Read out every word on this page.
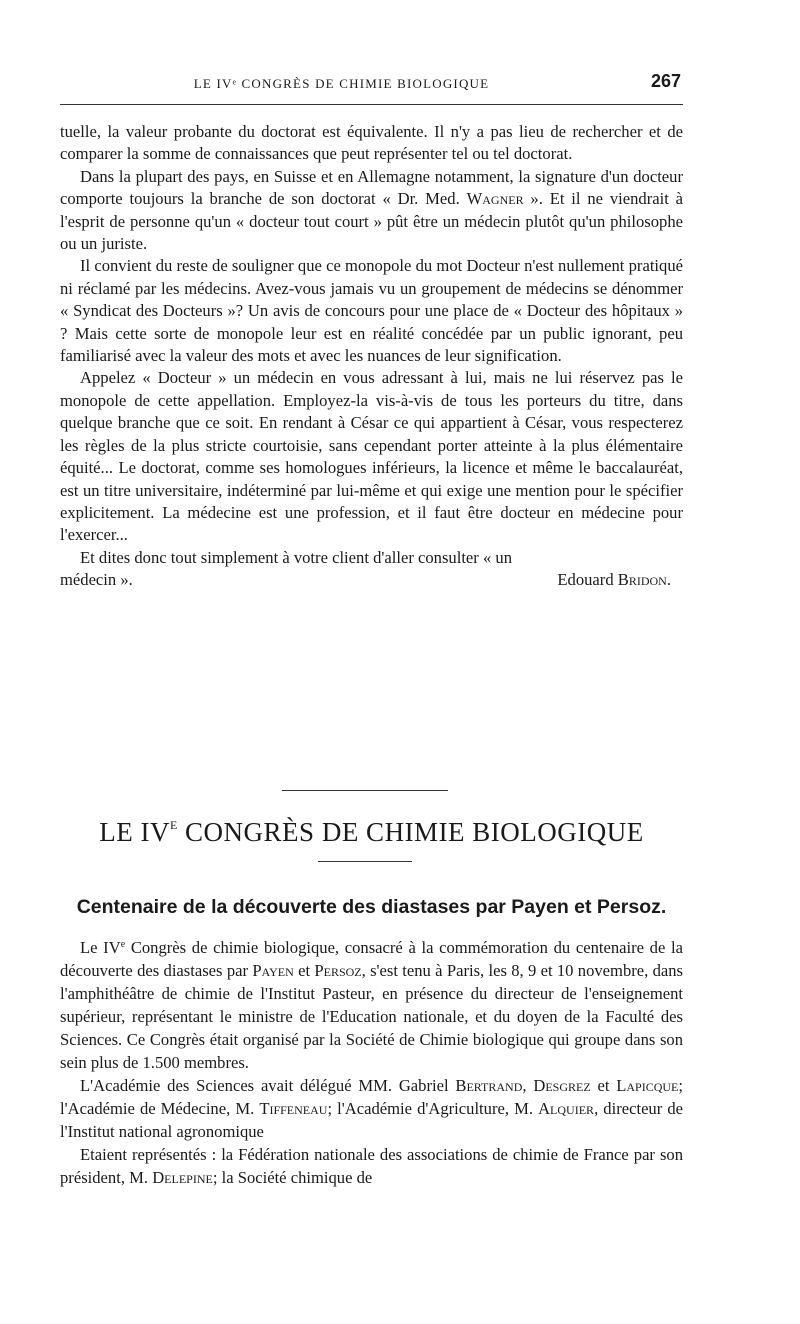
LE IVᵉ CONGRÈS DE CHIMIE BIOLOGIQUE	267

tuelle, la valeur probante du doctorat est équivalente. Il n'y a pas lieu de rechercher et de comparer la somme de connaissances que peut représenter tel ou tel doctorat.

Dans la plupart des pays, en Suisse et en Allemagne notamment, la signature d'un docteur comporte toujours la branche de son doctorat « Dr. Med. Wagner ». Et il ne viendrait à l'esprit de personne qu'un « docteur tout court » pût être un médecin plutôt qu'un philosophe ou un juriste.

Il convient du reste de souligner que ce monopole du mot Docteur n'est nullement pratiqué ni réclamé par les médecins. Avez-vous jamais vu un groupement de médecins se dénommer « Syndicat des Docteurs »? Un avis de concours pour une place de « Docteur des hôpitaux » ? Mais cette sorte de monopole leur est en réalité concédée par un public ignorant, peu familiarisé avec la valeur des mots et avec les nuances de leur signification.

Appelez « Docteur » un médecin en vous adressant à lui, mais ne lui réservez pas le monopole de cette appellation. Employez-la vis-à-vis de tous les porteurs du titre, dans quelque branche que ce soit. En rendant à César ce qui appartient à César, vous respecterez les règles de la plus stricte courtoisie, sans cependant porter atteinte à la plus élémentaire équité... Le doctorat, comme ses homologues inférieurs, la licence et même le baccalauréat, est un titre universitaire, indéterminé par lui-même et qui exige une mention pour le spécifier explicitement. La médecine est une profession, et il faut être docteur en médecine pour l'exercer...

Et dites donc tout simplement à votre client d'aller consulter « un

médecin ».	Edouard Bridon.
LE $IV^E$ CONGRÈS DE CHIMIE BIOLOGIQUE
Centenaire de la découverte des diastases par Payen et Persoz.

Le IVe Congrès de chimie biologique, consacré à la commémoration du centenaire de la découverte des diastases par Payen et Persoz, s'est tenu à Paris, les 8, 9 et 10 novembre, dans l'amphithéâtre de chimie de l'Institut Pasteur, en présence du directeur de l'enseignement supérieur, représentant le ministre de l'Education nationale, et du doyen de la Faculté des Sciences. Ce Congrès était organisé par la Société de Chimie biologique qui groupe dans son sein plus de 1.500 membres.

L'Académie des Sciences avait délégué MM. Gabriel Bertrand, Desgrez et Lapicque; l'Académie de Médecine, M. Tiffeneau; l'Académie d'Agriculture, M. Alquier, directeur de l'Institut national agronomique

Etaient représentés : la Fédération nationale des associations de chimie de France par son président, M. Delepine; la Société chimique de
